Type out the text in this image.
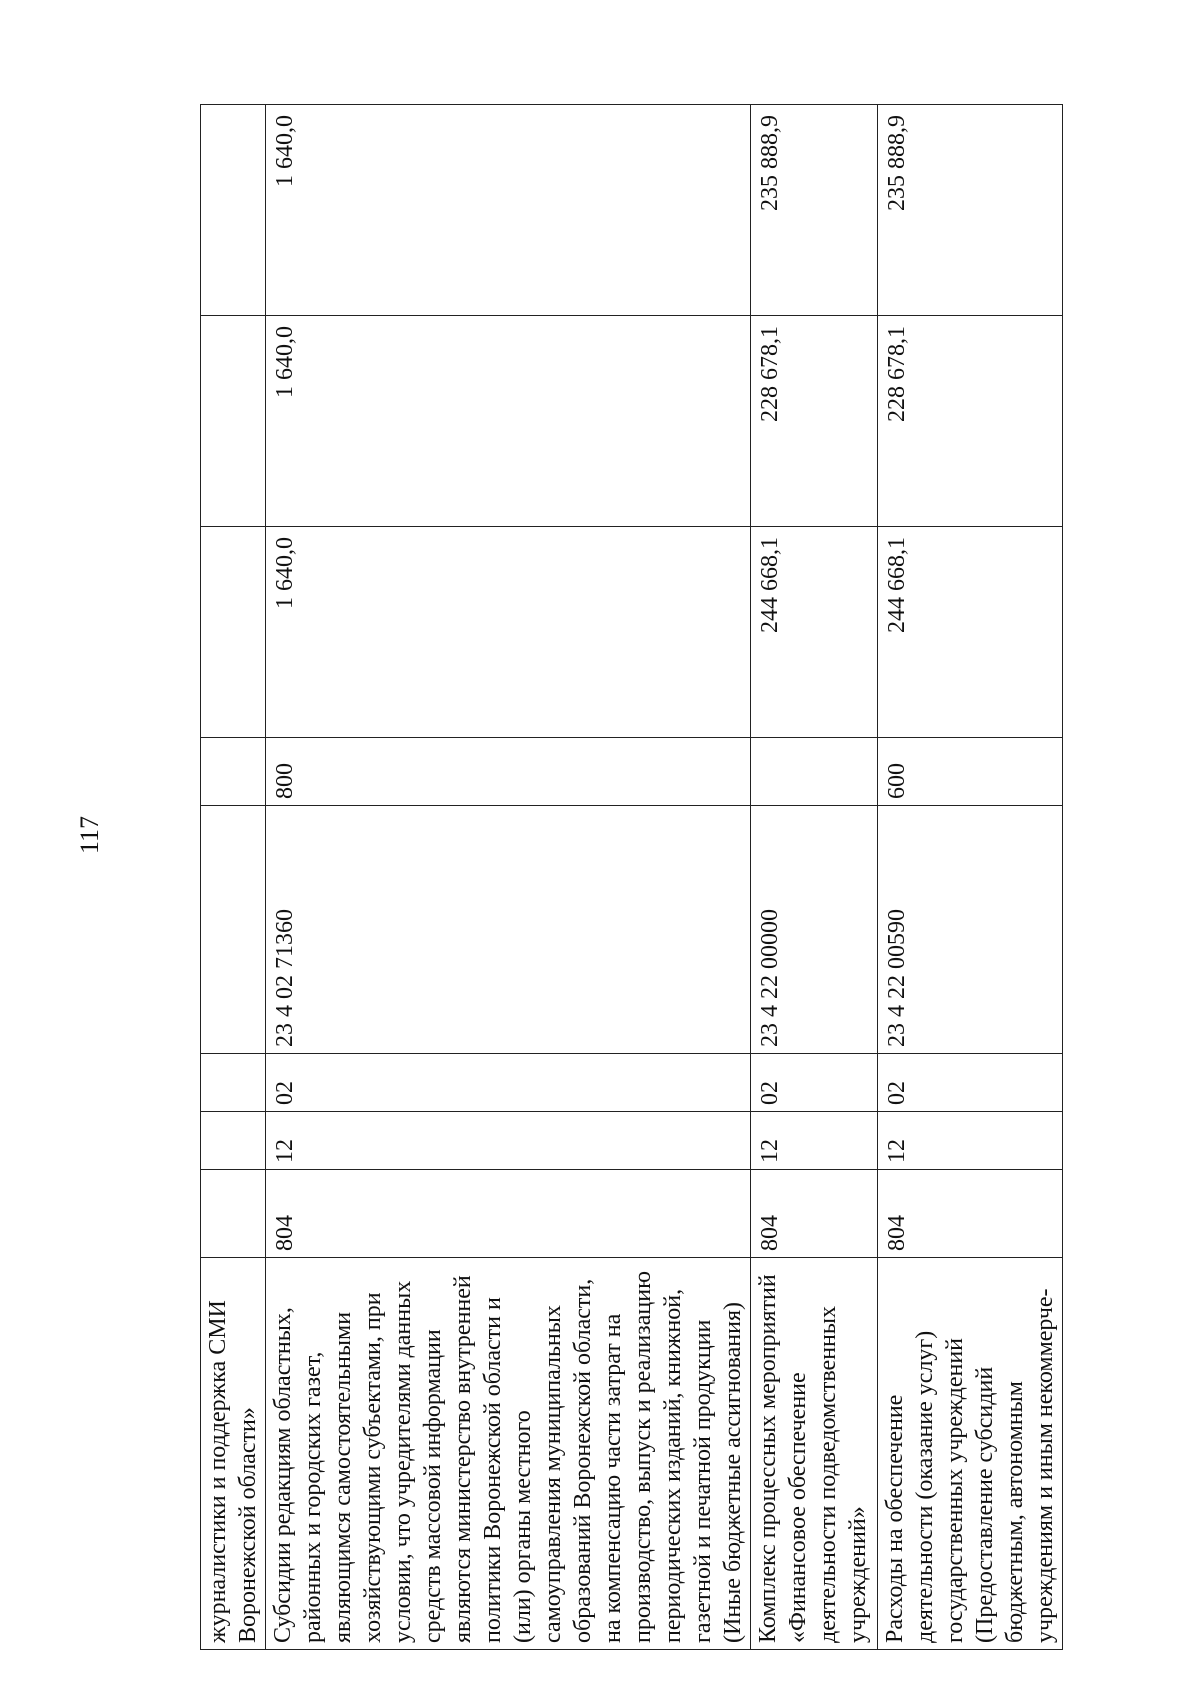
117
журналистики и поддержка СМИ Воронежской области»								
Субсидии редакциям областных, районных и городских газет, являющимся самостоятельными хозяйствующими субъектами, при условии, что учредителями данных средств массовой информации являются министерство внутренней политики Воронежской области и (или) органы местного самоуправления муниципальных образований Воронежской области, на компенсацию части затрат на производство, выпуск и реализацию периодических изданий, книжной, газетной и печатной продукции (Иные бюджетные ассигнования)	804	12	02	23 4 02 71360	800	1 640,0	1 640,0	1 640,0
Комплекс процессных мероприятий «Финансовое обеспечение деятельности подведомственных учреждений»	804	12	02	23 4 22 00000		244 668,1	228 678,1	235 888,9
Расходы на обеспечение деятельности (оказание услуг) государственных учреждений (Предоставление субсидий бюджетным, автономным учреждениям и иным некоммерче-	804	12	02	23 4 22 00590	600	244 668,1	228 678,1	235 888,9
